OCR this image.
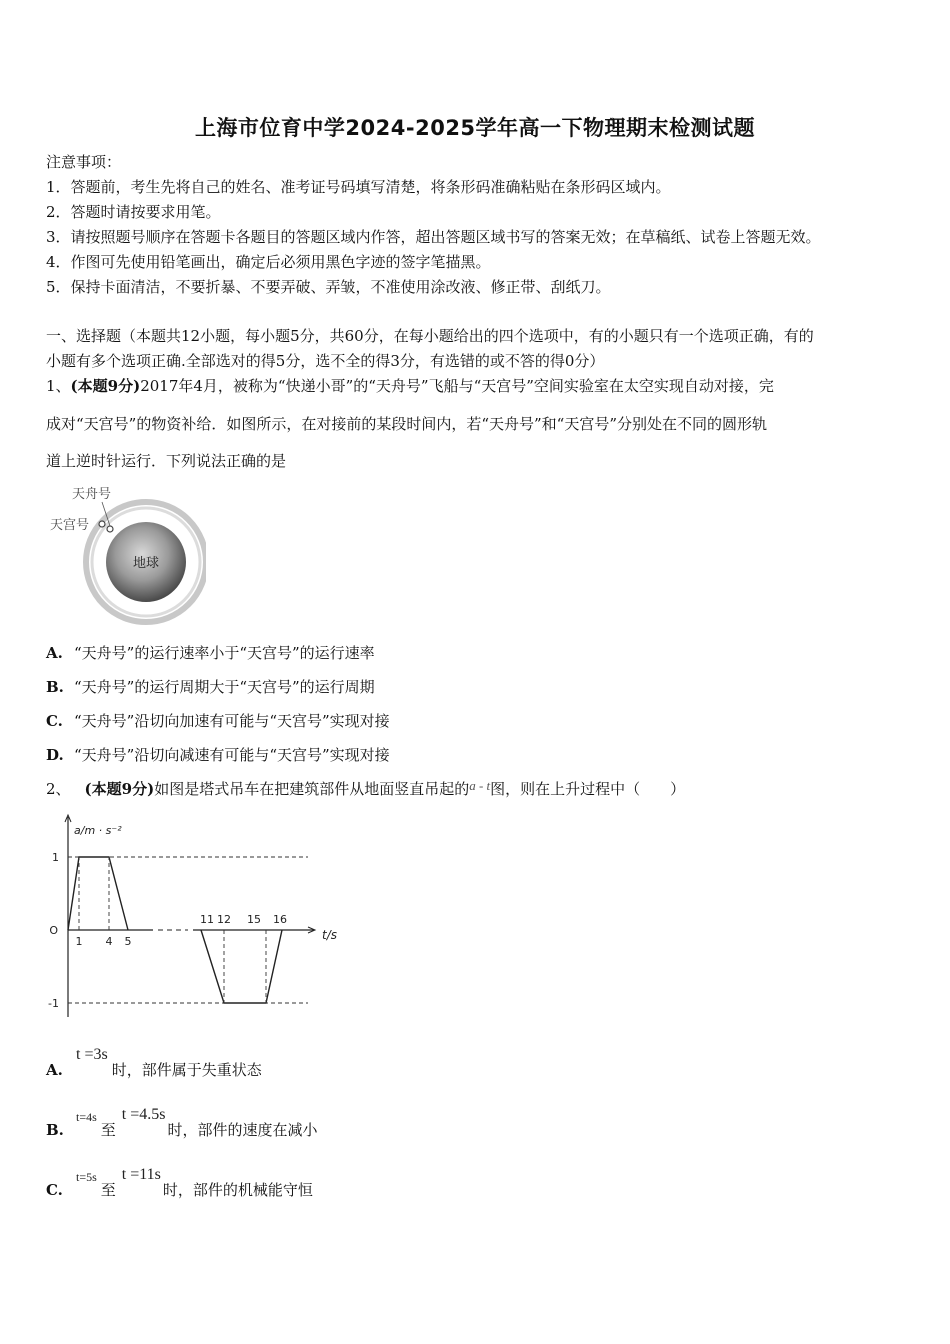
上海市位育中学2024-2025学年高一下物理期末检测试题
注意事项：
1．答题前，考生先将自己的姓名、准考证号码填写清楚，将条形码准确粘贴在条形码区域内。
2．答题时请按要求用笔。
3．请按照题号顺序在答题卡各题目的答题区域内作答，超出答题区域书写的答案无效；在草稿纸、试卷上答题无效。
4．作图可先使用铅笔画出，确定后必须用黑色字迹的签字笔描黑。
5．保持卡面清洁，不要折暴、不要弄破、弄皱，不准使用涂改液、修正带、刮纸刀。
一、选择题（本题共12小题，每小题5分，共60分，在每小题给出的四个选项中，有的小题只有一个选项正确，有的
小题有多个选项正确.全部选对的得5分，选不全的得3分，有选错的或不答的得0分）
1、(本题9分)2017年4月，被称为“快递小哥”的“天舟号”飞船与“天宫号”空间实验室在太空实现自动对接，完
成对“天宫号”的物资补给．如图所示，在对接前的某段时间内，若“天舟号”和“天宫号”分别处在不同的圆形轨
道上逆时针运行．下列说法正确的是
地球
天舟号
天宫号
A. “天舟号”的运行速率小于“天宫号”的运行速率
B. “天舟号”的运行周期大于“天宫号”的运行周期
C. “天舟号”沿切向加速有可能与“天宫号”实现对接
D. “天舟号”沿切向减速有可能与“天宫号”实现对接
2、 (本题9分)如图是塔式吊车在把建筑部件从地面竖直吊起的a - t图，则在上升过程中（　　）
1 4 5
11 12 15 16
1
-1
O
a/m · s⁻²
t/s
A.t =3s时，部件属于失重状态
B.t=4s至t =4.5s时，部件的速度在减小
C.t=5s至t =11s时，部件的机械能守恒
